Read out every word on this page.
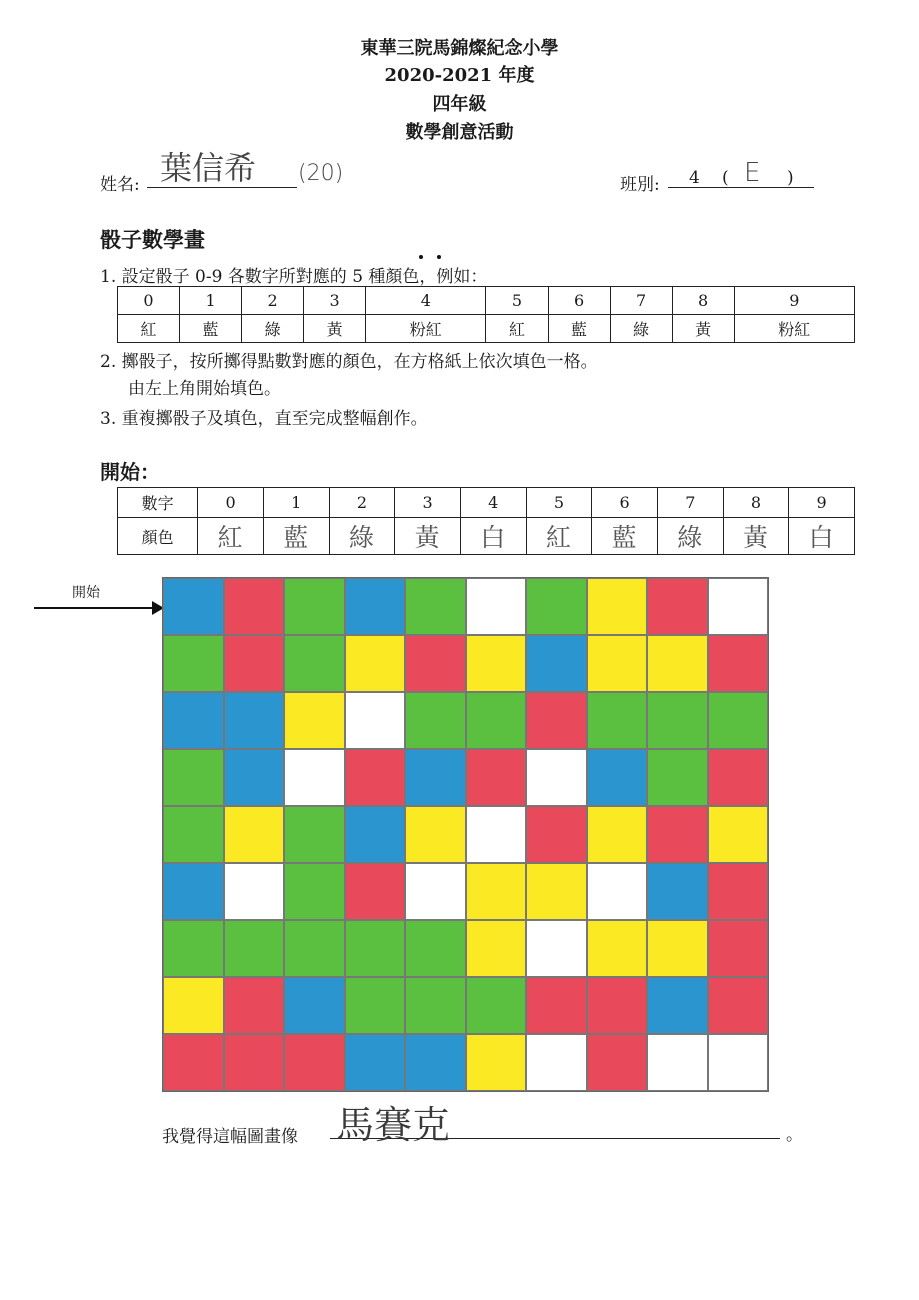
東華三院馬錦燦紀念小學
2020-2021 年度
四年級
數學創意活動
姓名: 葉信希 (20)	班別: 4 ( E )
骰子數學畫
1. 設定骰子 0-9 各數字所對應的 5 種顏色，例如：
2. 擲骰子，按所擲得點數對應的顏色，在方格紙上依次填色一格。
由左上角開始填色。
3. 重複擲骰子及填色，直至完成整幅創作。
0	1	2	3	4	5	6	7	8	9
紅	藍	綠	黃	粉紅	紅	藍	綠	黃	粉紅
開始：
數字	0	1	2	3	4	5	6	7	8	9
顏色	紅	藍	綠	黃	白	紅	藍	綠	黃	白
開始
我覺得這幅圖畫像 馬賽克	。
